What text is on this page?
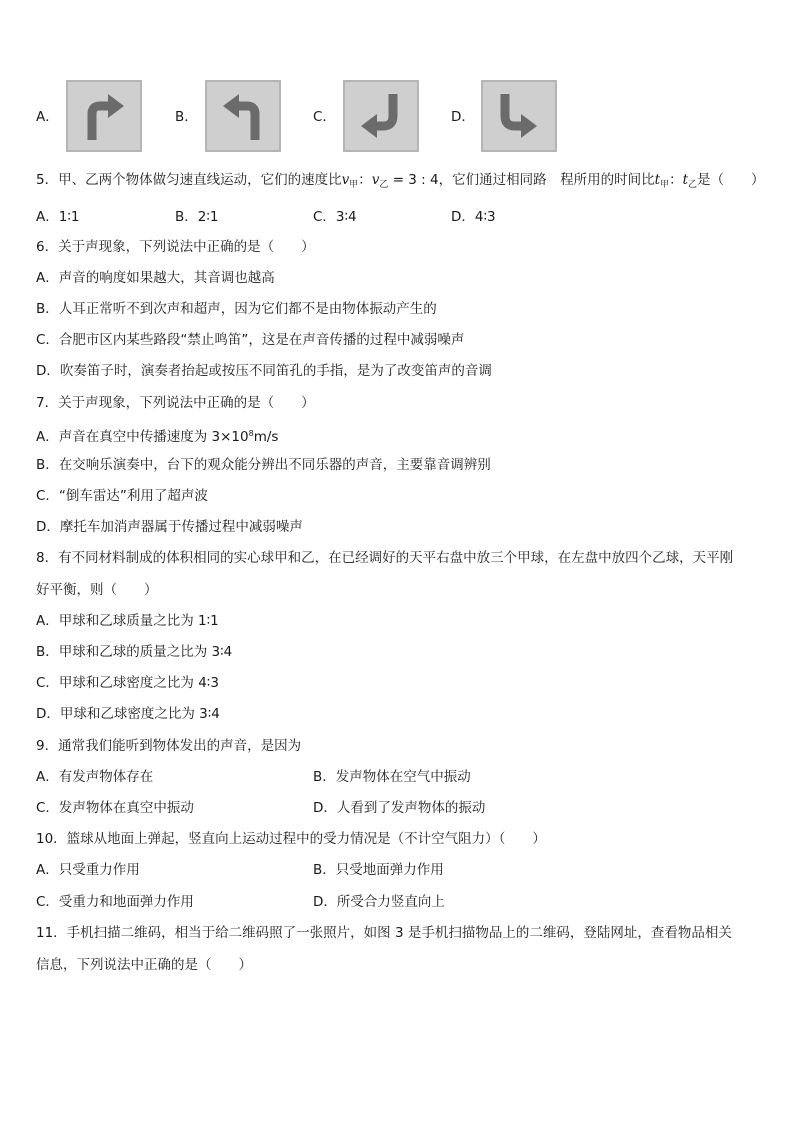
A．	B．	C．	D．
5．甲、乙两个物体做匀速直线运动，它们的速度比$v_甲$：$v_乙 = 3$ : 4，它们通过相同路　程所用的时间比$t_甲$：$t_乙$是（　　）
A．1∶1	B．2∶1	C．3∶4	D．4∶3
6．关于声现象，下列说法中正确的是（　　）
A．声音的响度如果越大，其音调也越高
B．人耳正常听不到次声和超声，因为它们都不是由物体振动产生的
C．合肥市区内某些路段“禁止鸣笛”，这是在声音传播的过程中减弱噪声
D．吹奏笛子时，演奏者抬起或按压不同笛孔的手指，是为了改变笛声的音调
7．关于声现象，下列说法中正确的是（　　）
A．声音在真空中传播速度为 $3\times 10^8m/s$
B．在交响乐演奏中，台下的观众能分辨出不同乐器的声音，主要靠音调辨别
C．“倒车雷达”利用了超声波
D．摩托车加消声器属于传播过程中减弱噪声
8．有不同材料制成的体积相同的实心球甲和乙，在已经调好的天平右盘中放三个甲球，在左盘中放四个乙球，天平刚
好平衡，则（　　）
A．甲球和乙球质量之比为 1∶1
B．甲球和乙球的质量之比为 3∶4
C．甲球和乙球密度之比为 4∶3
D．甲球和乙球密度之比为 3∶4
9．通常我们能听到物体发出的声音，是因为
A．有发声物体存在	B．发声物体在空气中振动
C．发声物体在真空中振动	D．人看到了发声物体的振动
10．篮球从地面上弹起，竖直向上运动过程中的受力情况是（不计空气阻力）（　　）
A．只受重力作用	B．只受地面弹力作用
C．受重力和地面弹力作用	D．所受合力竖直向上
11．手机扫描二维码，相当于给二维码照了一张照片，如图 3 是手机扫描物品上的二维码，登陆网址，查看物品相关
信息，下列说法中正确的是（　　）
